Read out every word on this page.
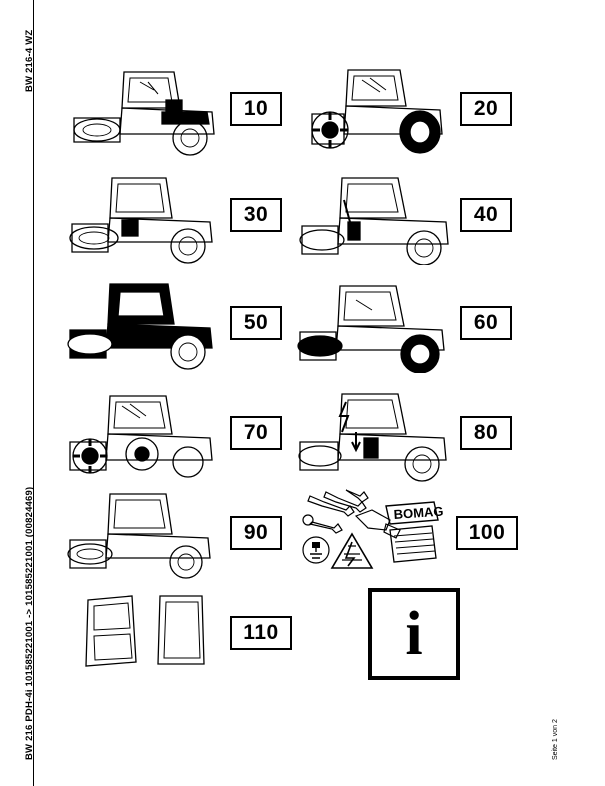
BW 216-4 WZ
BW 216 PDH-4i 101585221001 -> 101585221001 (00824469)	Seite 1 von 2
10	20
30	40
50	60
70	80
90
BOMAG
100
110 i
